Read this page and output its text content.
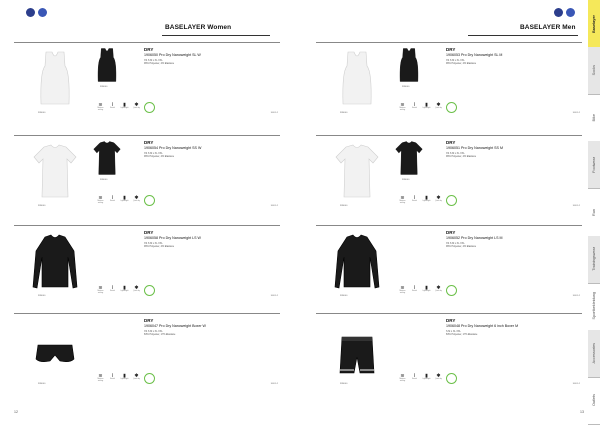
BASELAYER Women
999000
DRY
1906050 Pro Dry Nanoweight SL W
XS S M L XL XXL
96% Polyester, 4% Elastane
999000	10/01-2
≋
Moisture wicking
⌇
Stretch
▮
Lightweight
✱
Quick dry
999000
DRY
1906054 Pro Dry Nanoweight SS W
XS S M L XL XXL
96% Polyester, 4% Elastane
999000	10/01-2
≋
Moisture wicking
⌇
Stretch
▮
Lightweight
✱
Quick dry
DRY
1906058 Pro Dry Nanoweight LS W
XS S M L XL XXL
96% Polyester, 4% Elastane
999000	10/01-2
≋
Moisture wicking
⌇
Stretch
▮
Lightweight
✱
Quick dry
DRY
1906047 Pro Dry Nanoweight Boxer W
XS S M L XL XXL
83% Polyester, 17% Elastane
999000	10/01-2
≋
Moisture wicking
⌇
Stretch
▮
Lightweight
✱
Quick dry
12
BASELAYER Men
999000
DRY
1906053 Pro Dry Nanoweight SL M
XS S M L XL XXL
96% Polyester, 4% Elastane
999000	10/01-2
≋
Moisture wicking
⌇
Stretch
▮
Lightweight
✱
Quick dry
999000
DRY
1906051 Pro Dry Nanoweight SS M
XS S M L XL XXL
96% Polyester, 4% Elastane
999000	10/01-2
≋
Moisture wicking
⌇
Stretch
▮
Lightweight
✱
Quick dry
DRY
1906052 Pro Dry Nanoweight LS M
XS S M L XL XXL
96% Polyester, 4% Elastane
999000	10/01-2
≋
Moisture wicking
⌇
Stretch
▮
Lightweight
✱
Quick dry
DRY
1906048 Pro Dry Nanoweight 6 inch Boxer M
S M L XL XXL
83% Polyester, 17% Elastane
999000	10/01-2
≋
Moisture wicking
⌇
Stretch
▮
Lightweight
✱
Quick dry
13
Baselayer
Socks
Bike
Footwear
Run
Trainingswear
Sportbekleidung
Accessories
Outlets
